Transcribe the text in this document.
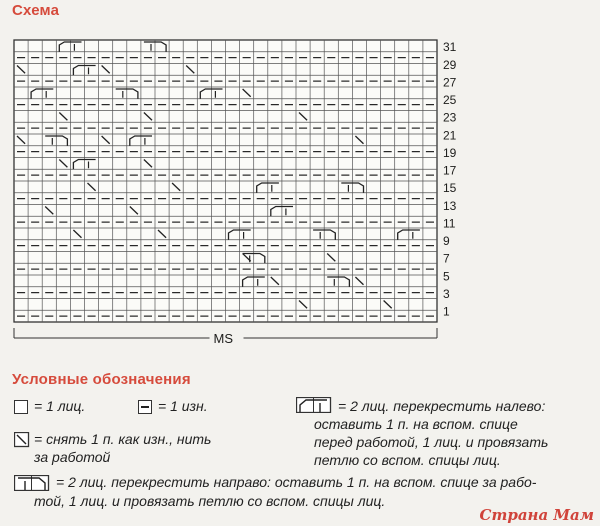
Схема
31
29
27
25
23
21
19
17
15
13
11
9
7
5
3
1
MS
Условные обозначения
= 1 лиц.	= 1 изн.	= 2 лиц. перекрестить налево:
оставить 1 п. на вспом. спице
перед работой, 1 лиц. и провязать
петлю со вспом. спицы лиц.
= снять 1 п. как изн., нить
за работой
= 2 лиц. перекрестить направо: оставить 1 п. на вспом. спице за рабо-
той, 1 лиц. и провязать петлю со вспом. спицы лиц.
Страна Мам
